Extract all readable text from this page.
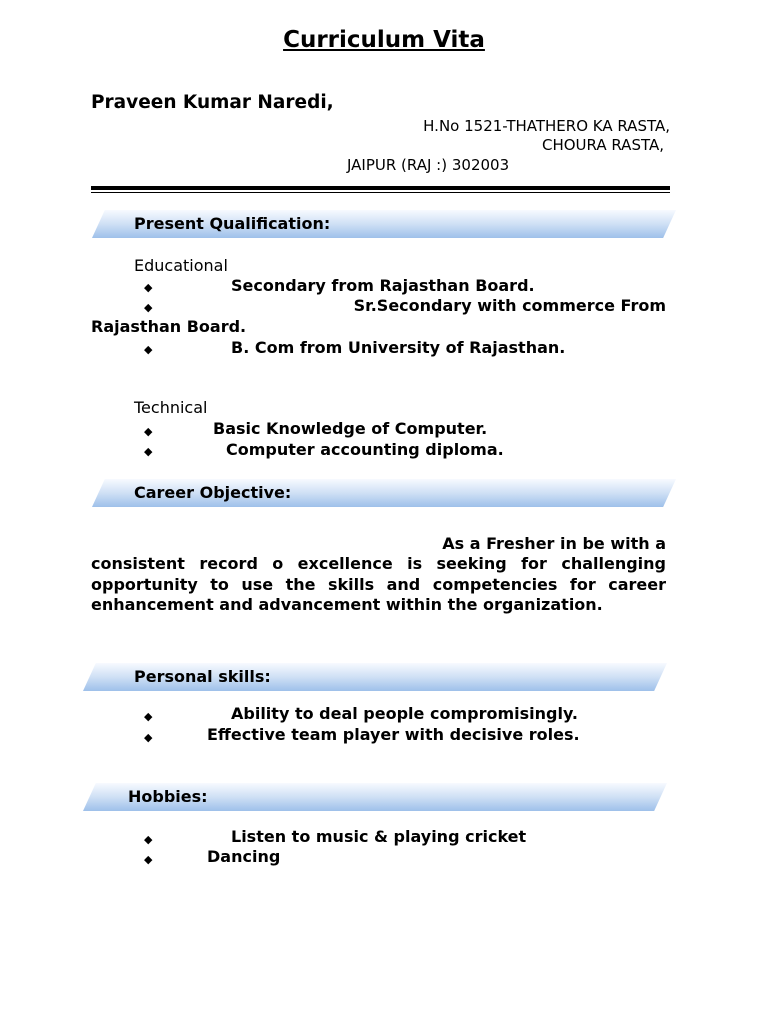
Curriculum Vita
Praveen Kumar Naredi,
H.No 1521-THATHERO KA RASTA,
CHOURA RASTA,
JAIPUR (RAJ :) 302003
Present Qualification:
Educational
◆	Secondary from Rajasthan Board.
◆	Sr.Secondary with commerce From
Rajasthan Board.
◆	B. Com from University of Rajasthan.
Technical
◆	Basic Knowledge of Computer.
◆	Computer accounting diploma.
Career Objective:
As a Fresher in be with a
consistent record o excellence is seeking for challenging
opportunity to use the skills and competencies for career
enhancement and advancement within the organization.
Personal skills:
◆	Ability to deal people compromisingly.
◆	Effective team player with decisive roles.
Hobbies:
◆	Listen to music & playing cricket
◆	Dancing
